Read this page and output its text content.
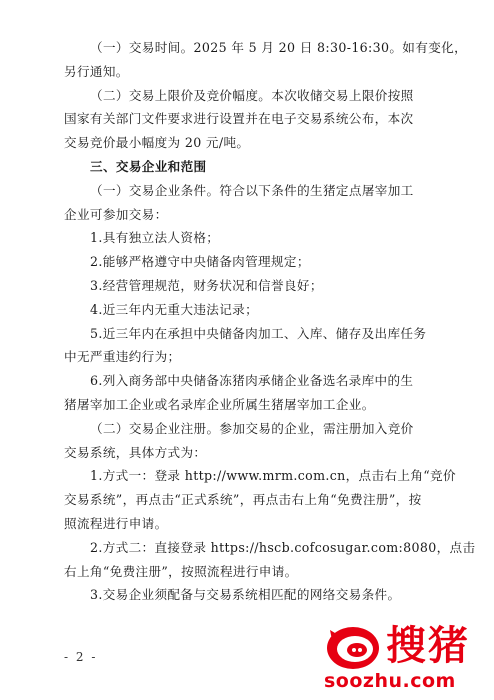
（一）交易时间。2025 年 5 月 20 日 8:30-16:30。如有变化，
另行通知。
（二）交易上限价及竞价幅度。本次收储交易上限价按照
国家有关部门文件要求进行设置并在电子交易系统公布，本次
交易竞价最小幅度为 20 元/吨。
三、交易企业和范围
（一）交易企业条件。符合以下条件的生猪定点屠宰加工
企业可参加交易：
1.具有独立法人资格；
2.能够严格遵守中央储备肉管理规定；
3.经营管理规范，财务状况和信誉良好；
4.近三年内无重大违法记录；
5.近三年内在承担中央储备肉加工、入库、储存及出库任务
中无严重违约行为；
6.列入商务部中央储备冻猪肉承储企业备选名录库中的生
猪屠宰加工企业或名录库企业所属生猪屠宰加工企业。
（二）交易企业注册。参加交易的企业，需注册加入竞价
交易系统，具体方式为：
1.方式一：登录 http://www.mrm.com.cn，点击右上角“竞价
交易系统”，再点击“正式系统”，再点击右上角“免费注册”，按
照流程进行申请。
2.方式二：直接登录 https://hscb.cofcosugar.com:8080，点击
右上角“免费注册”，按照流程进行申请。
3.交易企业须配备与交易系统相匹配的网络交易条件。
- 2 -	搜猪
soozhu.com
